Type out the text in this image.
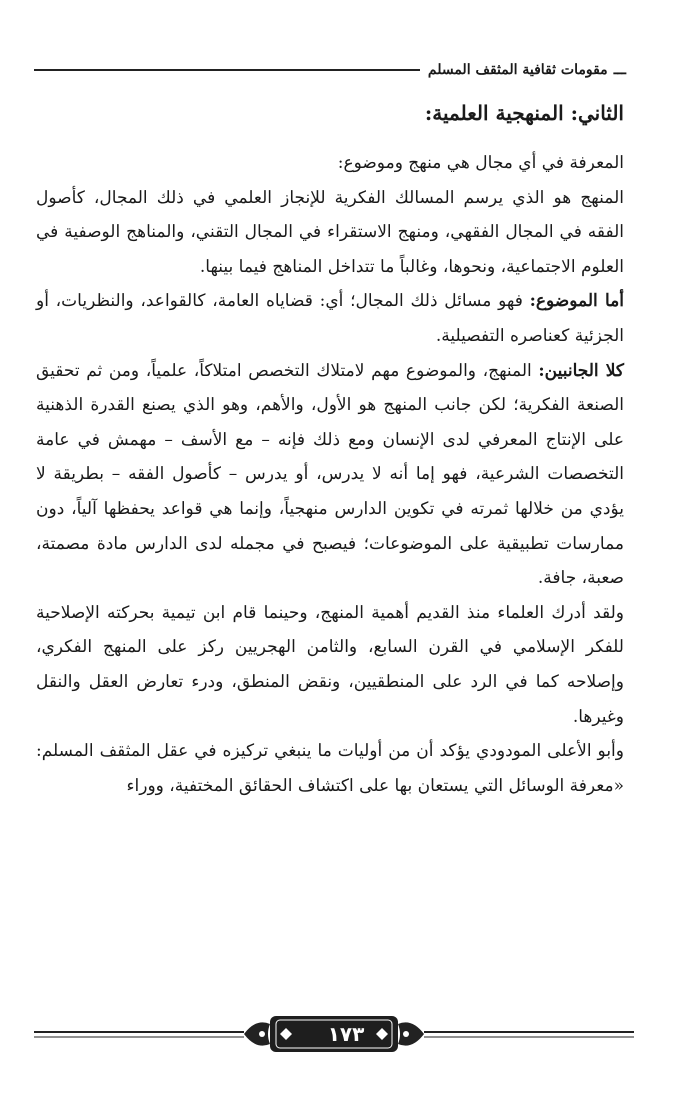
ـــ
مقومات ثقافية المثقف المسلم
الثاني: المنهجية العلمية:

المعرفة في أي مجال هي منهج وموضوع:

المنهج هو الذي يرسم المسالك الفكرية للإنجاز العلمي في ذلك المجال، كأصول الفقه في المجال الفقهي، ومنهج الاستقراء في المجال التقني، والمناهج الوصفية في العلوم الاجتماعية، ونحوها، وغالباً ما تتداخل المناهج فيما بينها.

أما الموضوع: فهو مسائل ذلك المجال؛ أي: قضاياه العامة، كالقواعد، والنظريات، أو الجزئية كعناصره التفصيلية.

كلا الجانبين: المنهج، والموضوع مهم لامتلاك التخصص امتلاكاً، علمياً، ومن ثم تحقيق الصنعة الفكرية؛ لكن جانب المنهج هو الأول، والأهم، وهو الذي يصنع القدرة الذهنية على الإنتاج المعرفي لدى الإنسان ومع ذلك فإنه – مع الأسف – مهمش في عامة التخصصات الشرعية، فهو إما أنه لا يدرس، أو يدرس – كأصول الفقه – بطريقة لا يؤدي من خلالها ثمرته في تكوين الدارس منهجياً، وإنما هي قواعد يحفظها آلياً، دون ممارسات تطبيقية على الموضوعات؛ فيصبح في مجمله لدى الدارس مادة مصمتة، صعبة، جافة.

ولقد أدرك العلماء منذ القديم أهمية المنهج، وحينما قام ابن تيمية بحركته الإصلاحية للفكر الإسلامي في القرن السابع، والثامن الهجريين ركز على المنهج الفكري، وإصلاحه كما في الرد على المنطقيين، ونقض المنطق، ودرء تعارض العقل والنقل وغيرها.

وأبو الأعلى المودودي يؤكد أن من أوليات ما ينبغي تركيزه في عقل المثقف المسلم: «معرفة الوسائل التي يستعان بها على اكتشاف الحقائق المختفية، ووراء

١٧٣
